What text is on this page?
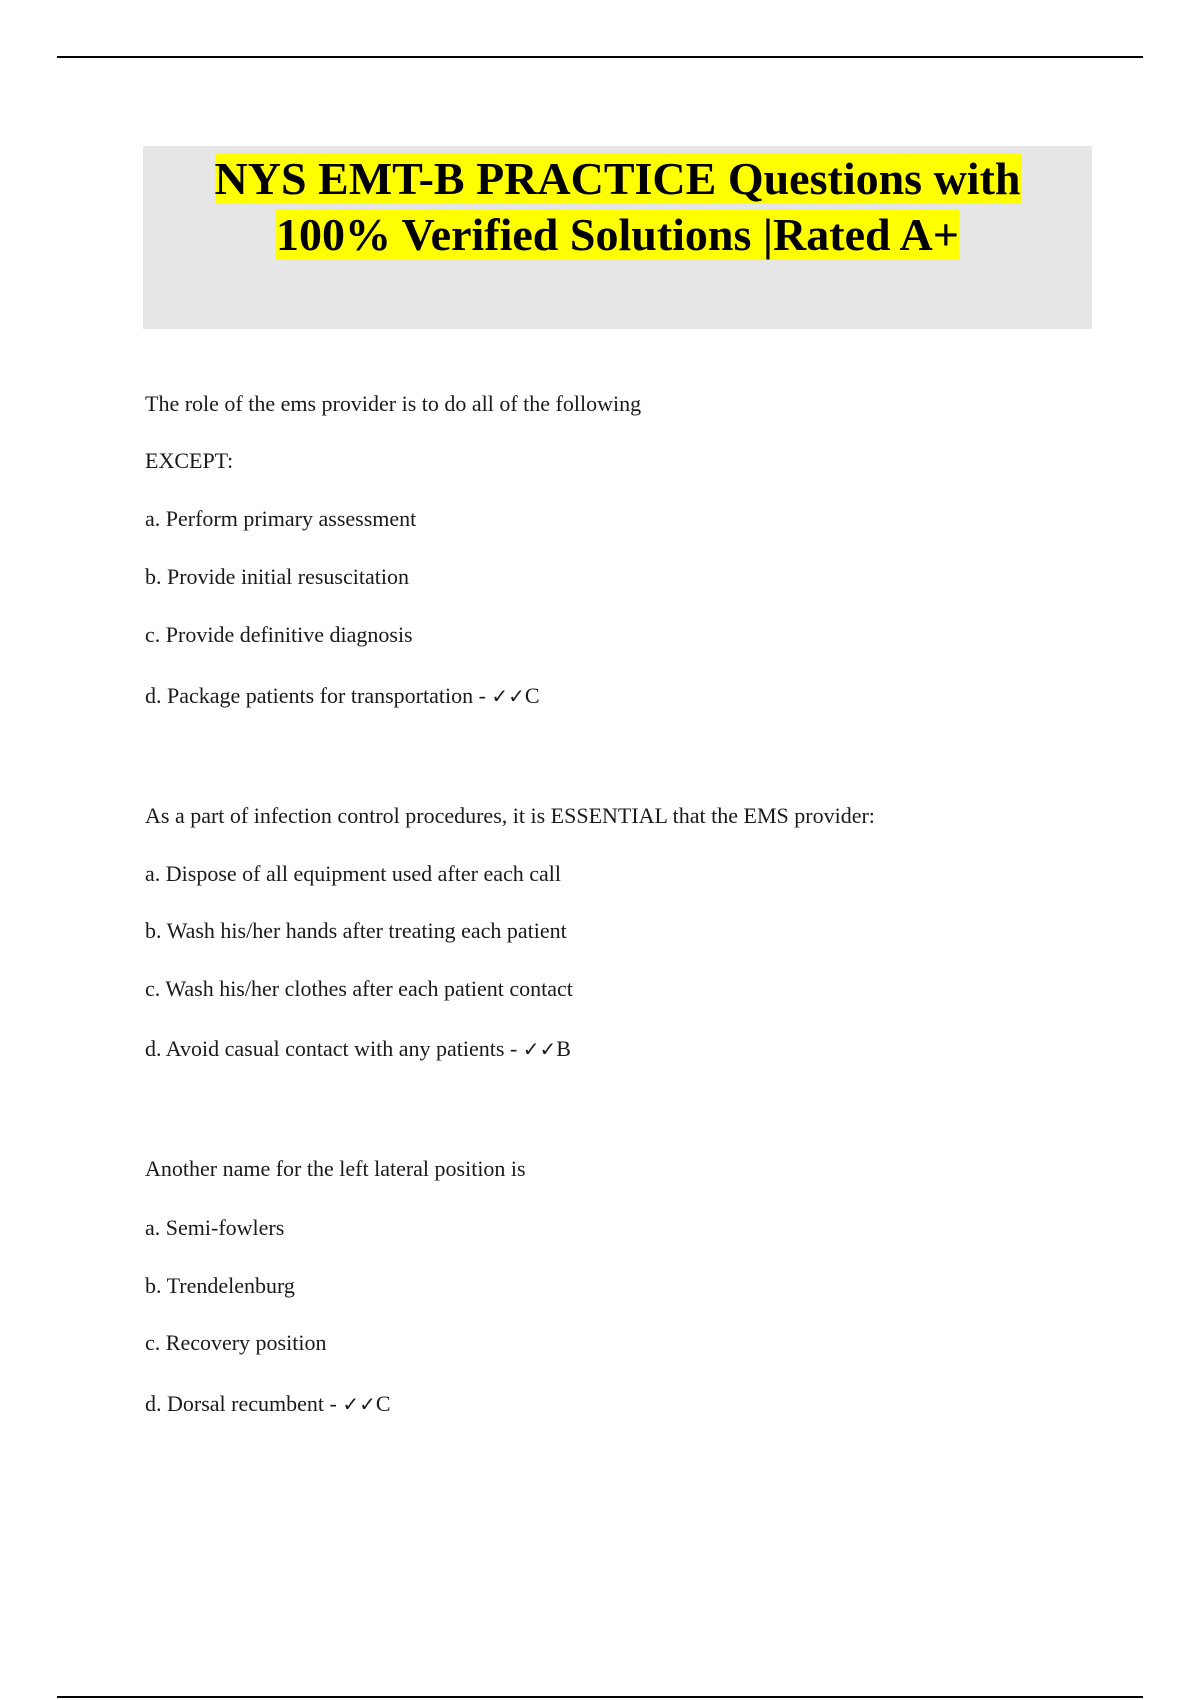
NYS EMT-B PRACTICE Questions with
100% Verified Solutions |Rated A+
The role of the ems provider is to do all of the following
EXCEPT:
a. Perform primary assessment
b. Provide initial resuscitation
c. Provide definitive diagnosis
d. Package patients for transportation - ✓✓C
As a part of infection control procedures, it is ESSENTIAL that the EMS provider:
a. Dispose of all equipment used after each call
b. Wash his/her hands after treating each patient
c. Wash his/her clothes after each patient contact
d. Avoid casual contact with any patients - ✓✓B
Another name for the left lateral position is
a. Semi-fowlers
b. Trendelenburg
c. Recovery position
d. Dorsal recumbent - ✓✓C
